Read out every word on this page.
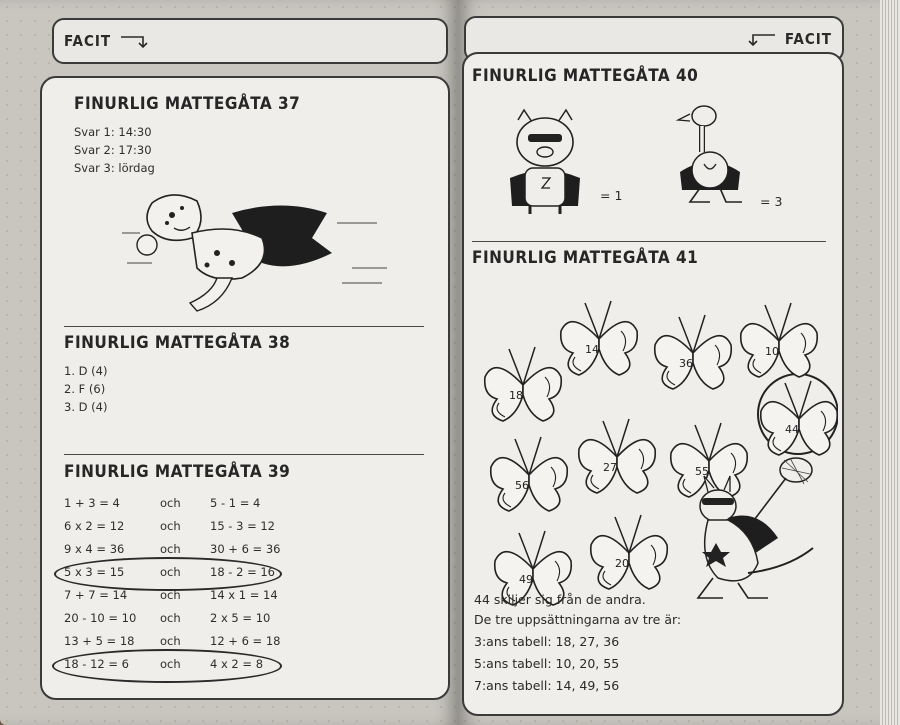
FACIT
FINURLIG MATTEGÅTA 37
Svar 1: 14:30
Svar 2: 17:30
Svar 3: lördag
FINURLIG MATTEGÅTA 38
1. D (4)
2. F (6)
3. D (4)
FINURLIG MATTEGÅTA 39
1 + 3 = 4	och	5 - 1 = 4
6 x 2 = 12	och	15 - 3 = 12
9 x 4 = 36	och	30 + 6 = 36
5 x 3 = 15	och	18 - 2 = 16
7 + 7 = 14	och	14 x 1 = 14
20 - 10 = 10 och	2 x 5 = 10
13 + 5 = 18 och	12 + 6 = 18
18 - 12 = 6	och	4 x 2 = 8
FACIT
FINURLIG MATTEGÅTA 40
= 1	= 3
FINURLIG MATTEGÅTA 41
14
36
10
18
44
56
27	55
20
49
44 skiljer sig från de andra.
De tre uppsättningarna av tre är:
3:ans tabell: 18, 27, 36
5:ans tabell: 10, 20, 55
7:ans tabell: 14, 49, 56
